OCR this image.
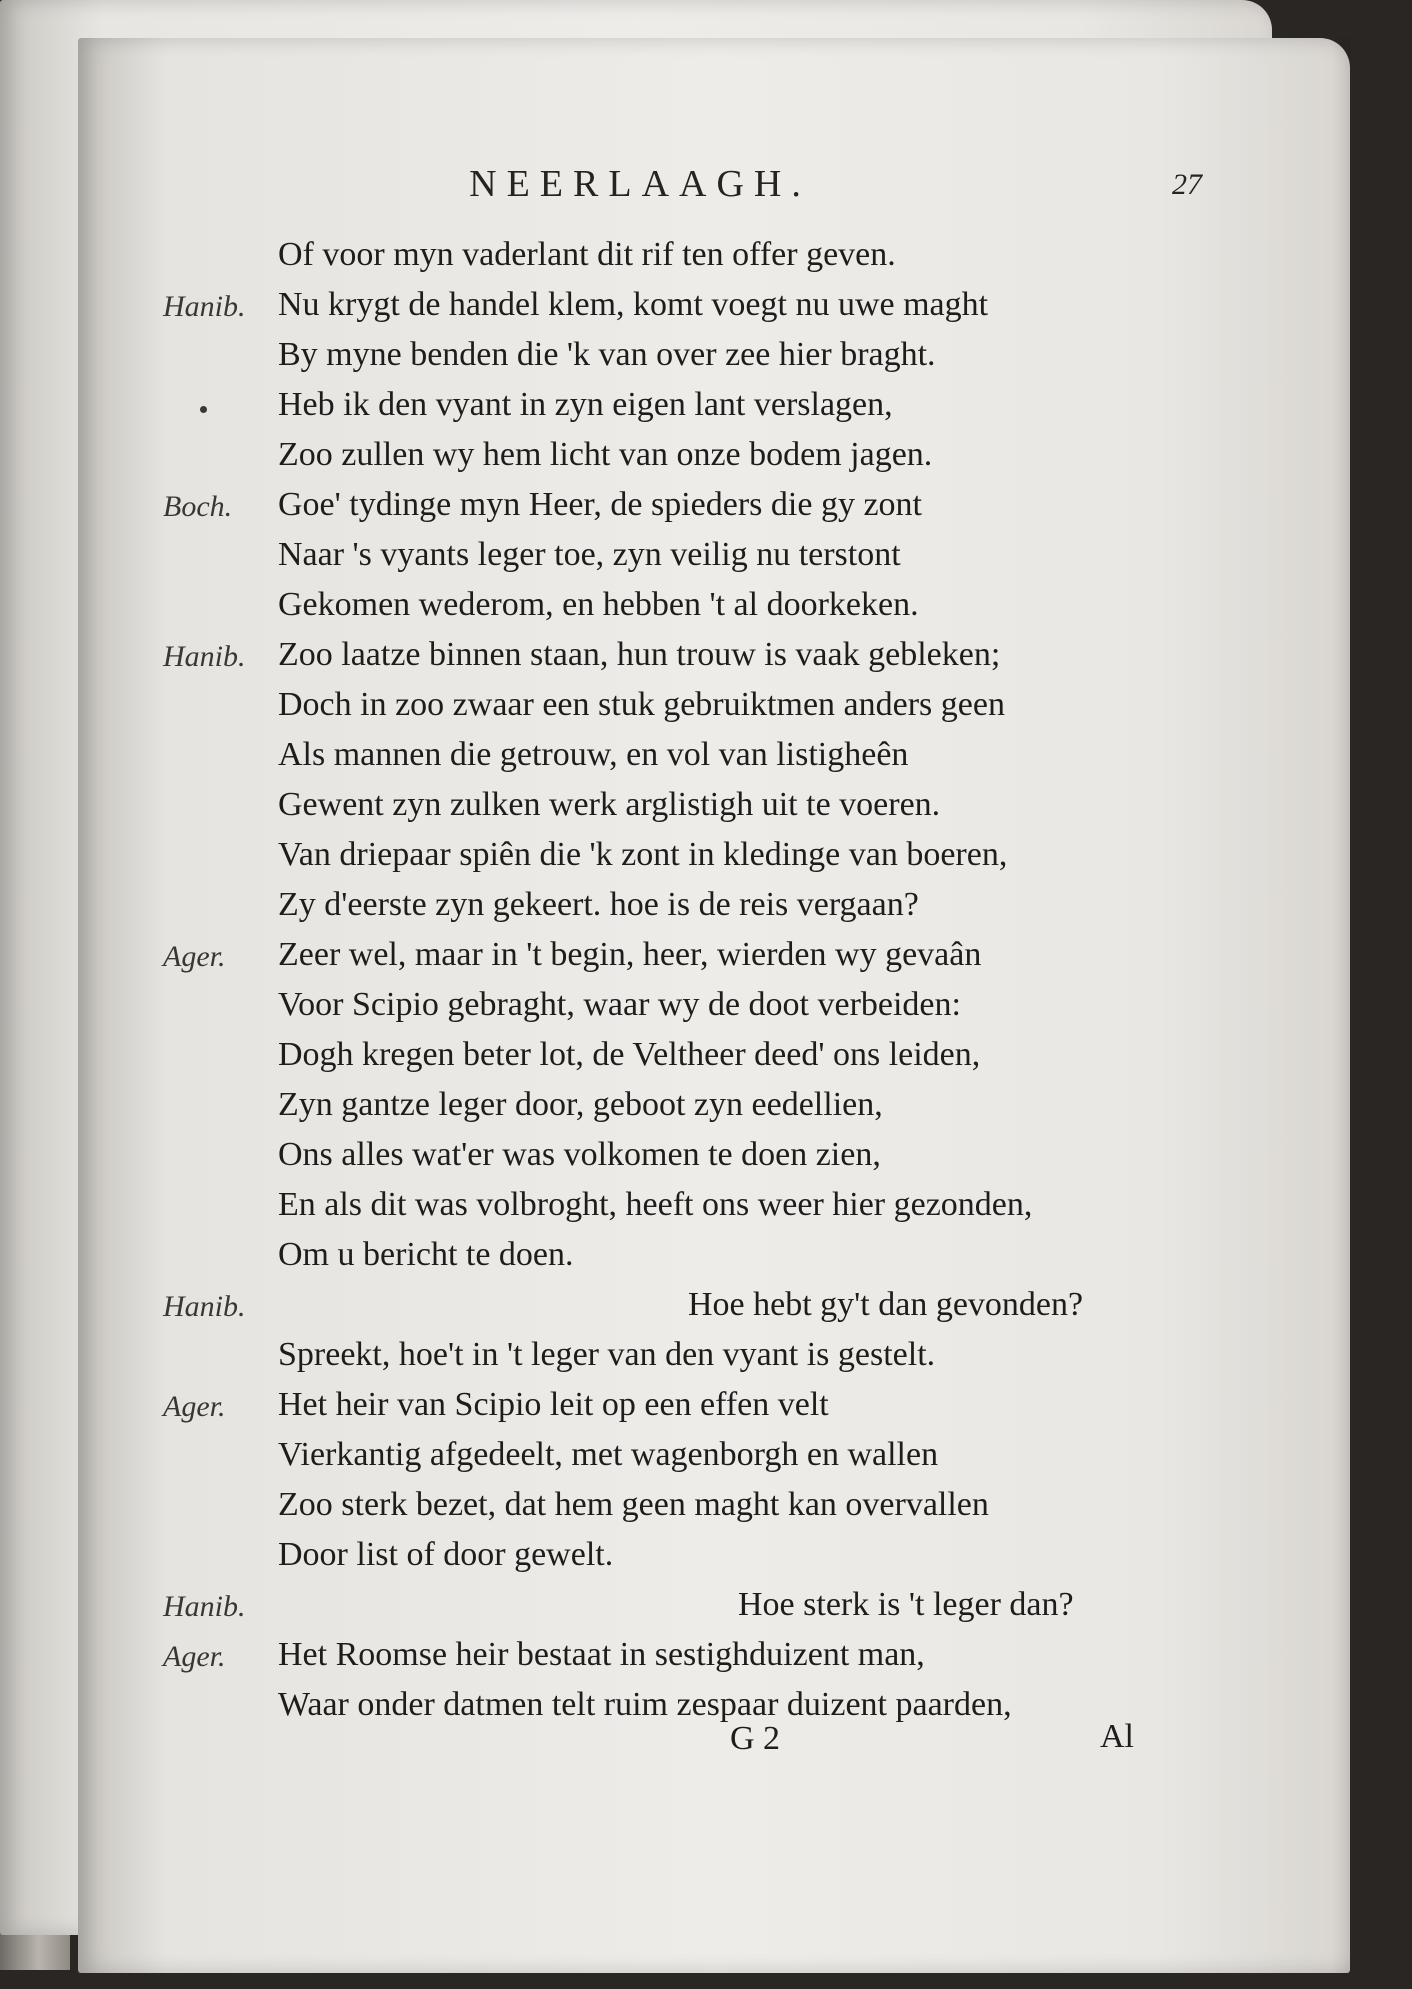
NEERLAAGH.	27
Of voor myn vaderlant dit rif ten offer geven.
Hanib. Nu krygt de handel klem, komt voegt nu uwe maght
By myne benden die 'k van over zee hier braght.
Heb ik den vyant in zyn eigen lant verslagen,
Zoo zullen wy hem licht van onze bodem jagen.
Boch. Goe' tydinge myn Heer, de spieders die gy zont
Naar 's vyants leger toe, zyn veilig nu terstont
Gekomen wederom, en hebben 't al doorkeken.
Hanib. Zoo laatze binnen staan, hun trouw is vaak gebleken;
Doch in zoo zwaar een stuk gebruiktmen anders geen
Als mannen die getrouw, en vol van listigheên
Gewent zyn zulken werk arglistigh uit te voeren.
Van driepaar spiên die 'k zont in kledinge van boeren,
Zy d'eerste zyn gekeert. hoe is de reis vergaan?
Ager. Zeer wel, maar in 't begin, heer, wierden wy gevaân
Voor Scipio gebraght, waar wy de doot verbeiden:
Dogh kregen beter lot, de Veltheer deed' ons leiden,
Zyn gantze leger door, geboot zyn eedellien,
Ons alles wat'er was volkomen te doen zien,
En als dit was volbroght, heeft ons weer hier gezonden,
Om u bericht te doen.
Hanib.	Hoe hebt gy't dan gevonden?
Spreekt, hoe't in 't leger van den vyant is gestelt.
Ager. Het heir van Scipio leit op een effen velt
Vierkantig afgedeelt, met wagenborgh en wallen
Zoo sterk bezet, dat hem geen maght kan overvallen
Door list of door gewelt.
Hanib.	Hoe sterk is 't leger dan?
Ager. Het Roomse heir bestaat in sestighduizent man,
Waar onder datmen telt ruim zespaar duizent paarden,
G 2	Al
